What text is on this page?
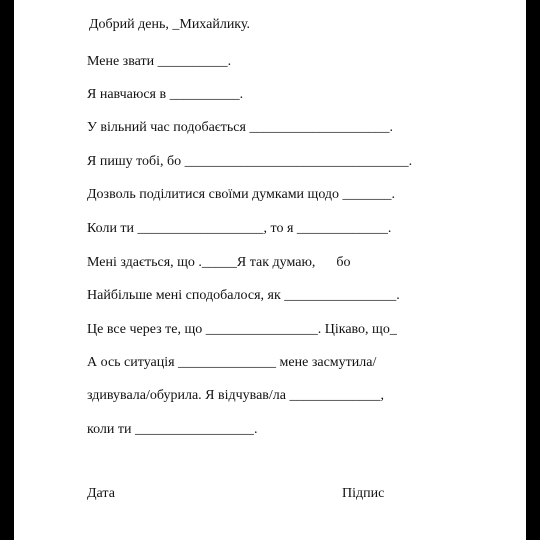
Добрий день, _Михайлику.

Мене звати __________.

Я навчаюся в __________.

У вільний час подобається ____________________.

Я пишу тобі, бо ________________________________.

Дозволь поділитися своїми думками щодо _______.

Коли ти __________________, то я _____________.

Мені здається, що ._____Я так думаю,      бо

Найбільше мені сподобалося, як ________________.

Це все через те, що ________________. Цікаво, що_

А ось ситуація ______________ мене засмутила/

здивувала/обурила. Я відчував/ла _____________,

коли ти _________________.

Дата	Підпис
